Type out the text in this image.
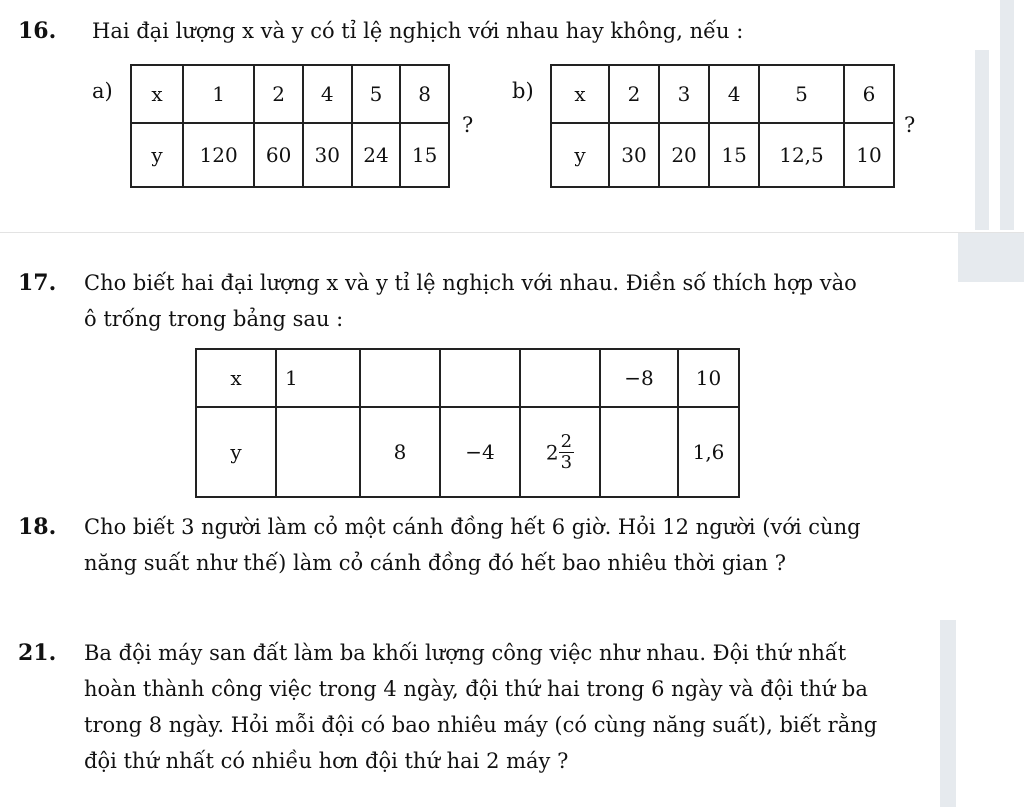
16. Hai đại lượng x và y có tỉ lệ nghịch với nhau hay không, nếu :
a) x	1	2	4	5	8
y	120	60	30	24	15
?
b) x	2	3	4	5	6
y	30	20	15	12,5	10
?
17. Cho biết hai đại lượng x và y tỉ lệ nghịch với nhau. Điền số thích hợp vào
ô trống trong bảng sau :
x	1				−8	10
y		8	−4	$2 \frac{2}{3}$		1,6
18. Cho biết 3 người làm cỏ một cánh đồng hết 6 giờ. Hỏi 12 người (với cùng
năng suất như thế) làm cỏ cánh đồng đó hết bao nhiêu thời gian ?
21. Ba đội máy san đất làm ba khối lượng công việc như nhau. Đội thứ nhất
hoàn thành công việc trong 4 ngày, đội thứ hai trong 6 ngày và đội thứ ba
trong 8 ngày. Hỏi mỗi đội có bao nhiêu máy (có cùng năng suất), biết rằng
đội thứ nhất có nhiều hơn đội thứ hai 2 máy ?
